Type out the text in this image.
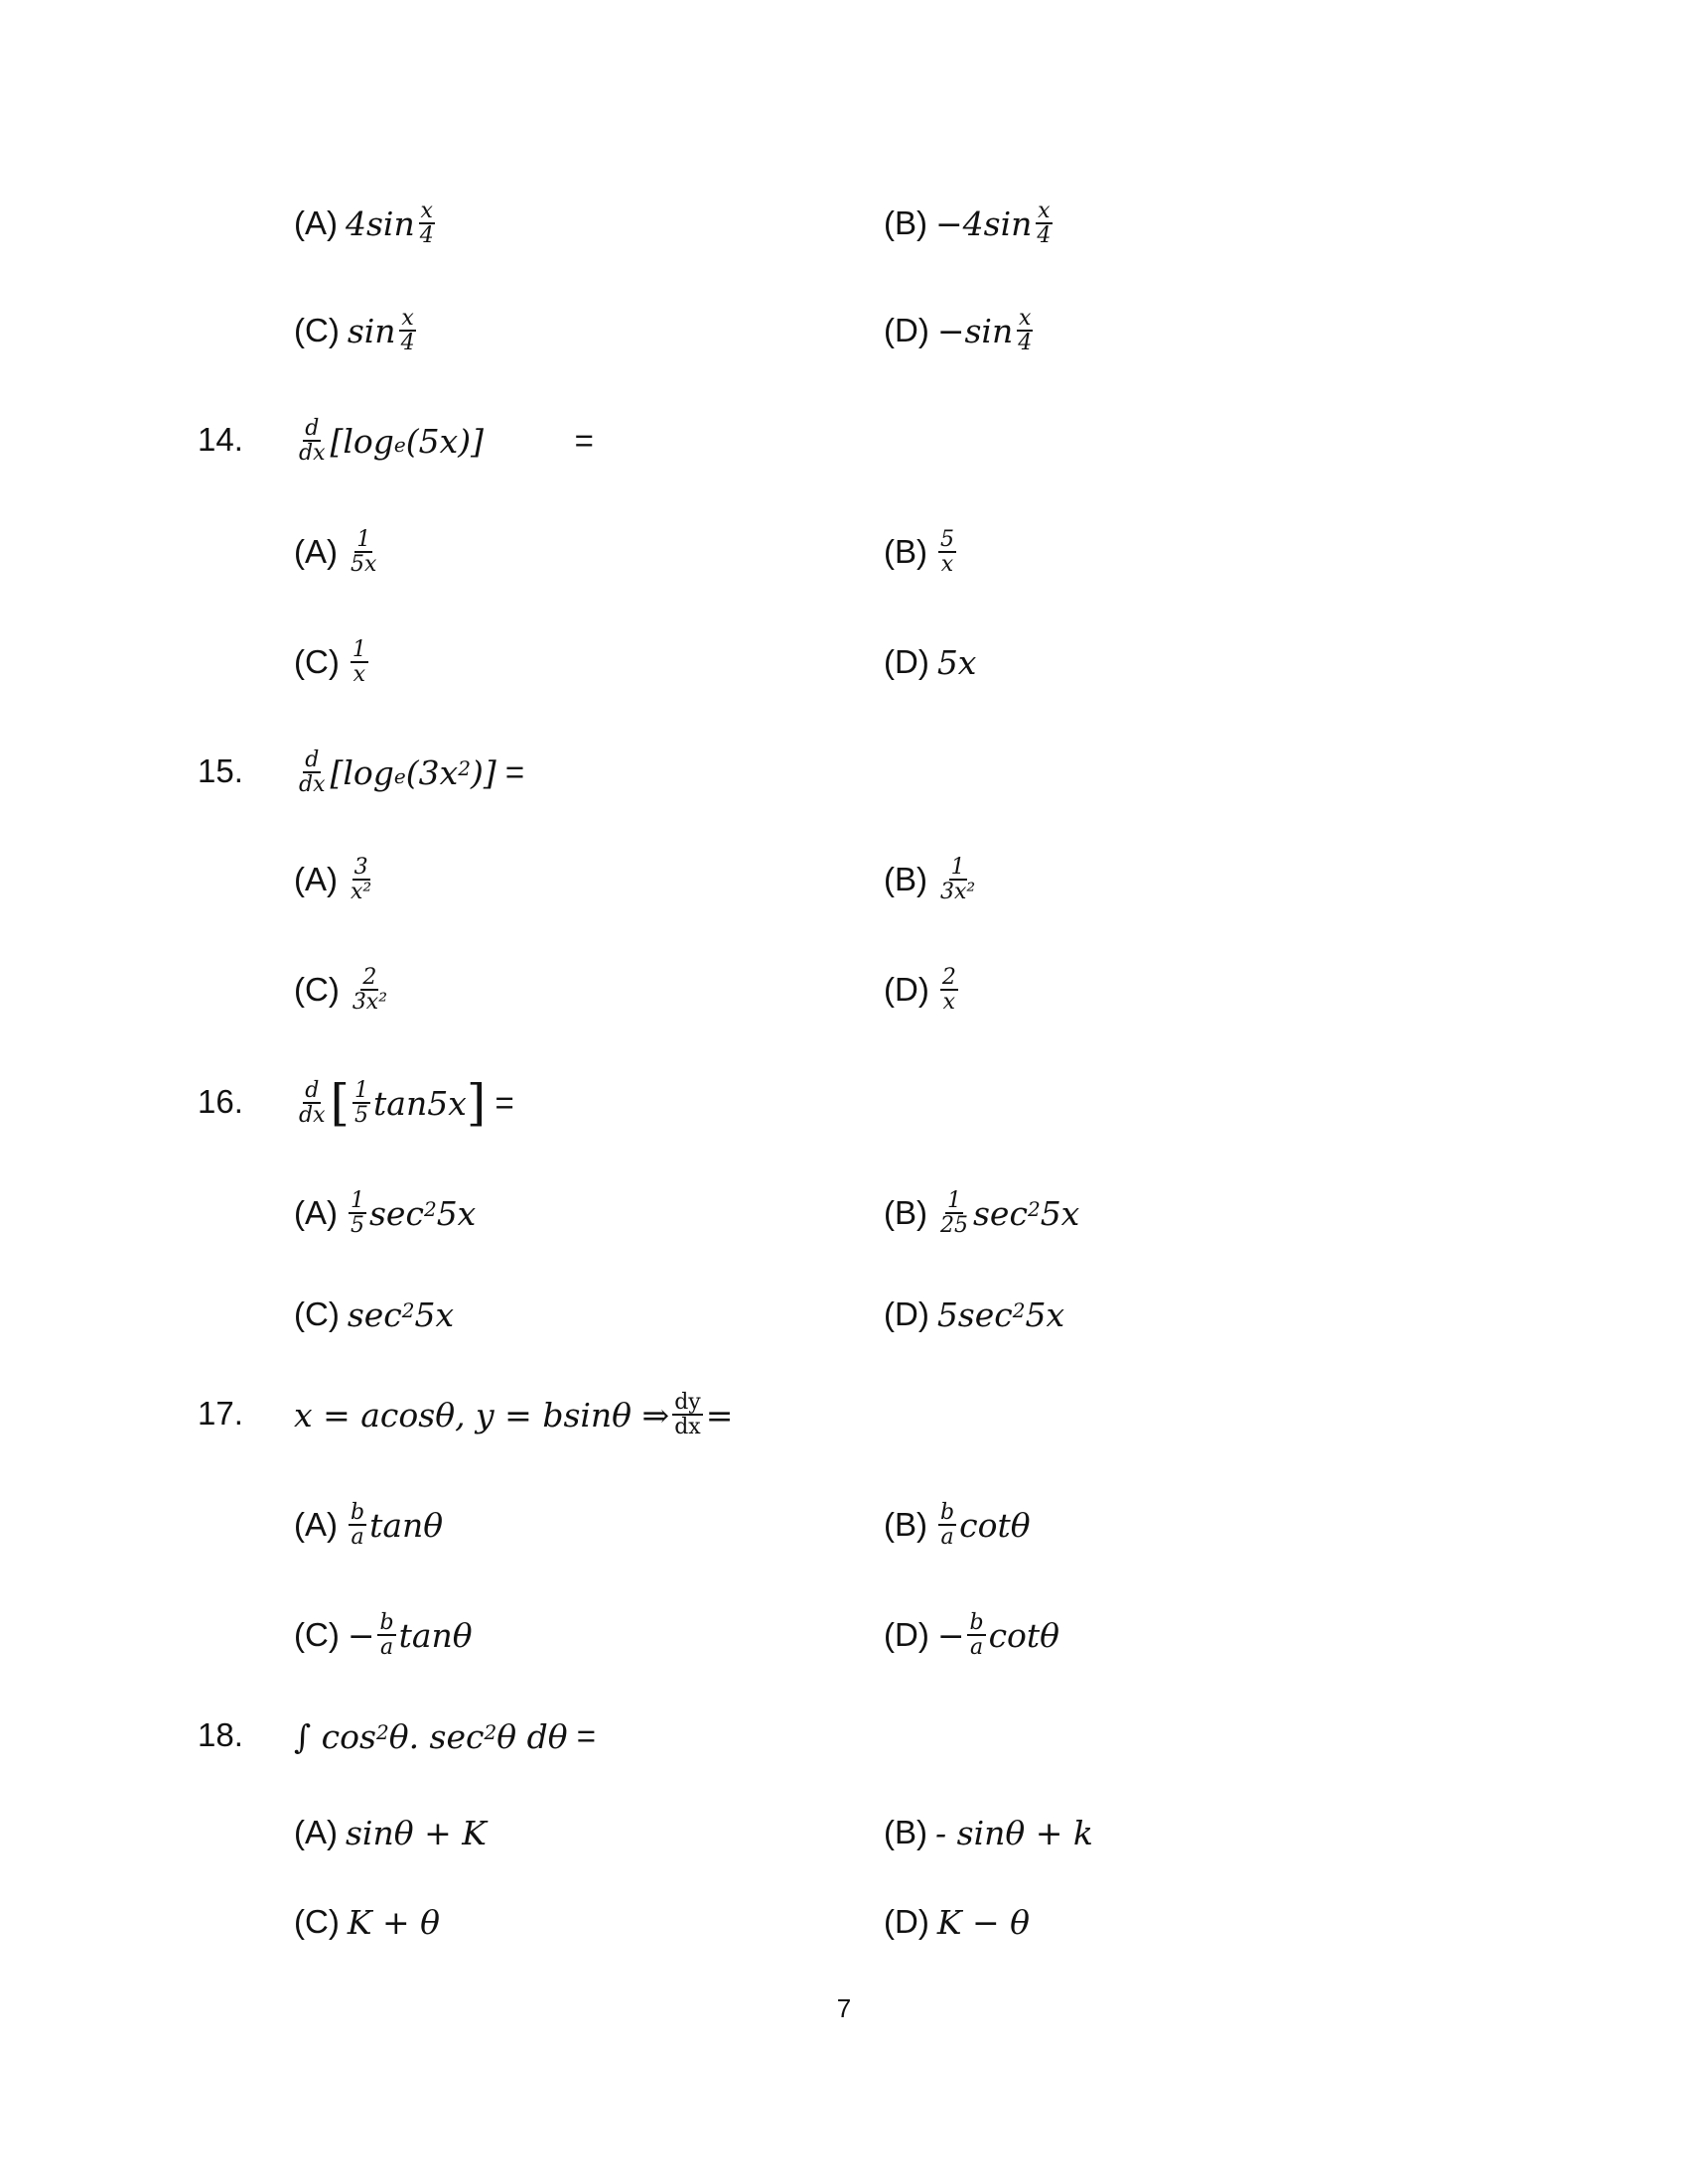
(A) $4\sin \frac{x}{4}$	$(B) -4\sin \frac{x}{4}$
(C) $\sin \frac{x}{4}$	$(D) -\sin \frac{x}{4}$
$\frac{d}{dx} [\log_e$ (5x)] =
14.
$(A) \frac{1}{5x}$	$(B) \frac{5}{x}$
$(C) \frac{1}{x}$	(D) 5x
$\frac{d}{dx} [\log_e$ ($3x^2$ )] =
15.
$(A) \frac{3}{\text{x²}}$	$(B) \frac{1}{\text{3x²}}$
$(C) \frac{2}{\text{3x²}}$	$(D) \frac{2}{x}$
$\frac{d}{dx}$ [ $\frac{1}{5} \tan 5x$ ] =
16.
$(A) \frac{1}{5} \sec^2 5x$	$(B) \frac{1}{25} \sec^2 5x$
(C) $\sec^2 5x$	(D) $5\sec^2$ 5x
x = acosθ, y = bsinθ ⇒ $\frac{dy}{dx}$ =
17.
$(A) \frac{b}{a}$ tanθ	$(B) \frac{b}{a}$ cotθ
$(C) - \frac{b}{a}$ tanθ	$(D) - \frac{b}{a}$ cotθ
∫ $\cos^2 \theta$. $\sec^2 \theta$ dθ =
18.
(A) sinθ + K	(B) - sinθ + k
(C) K + θ	(D) K − θ
7
